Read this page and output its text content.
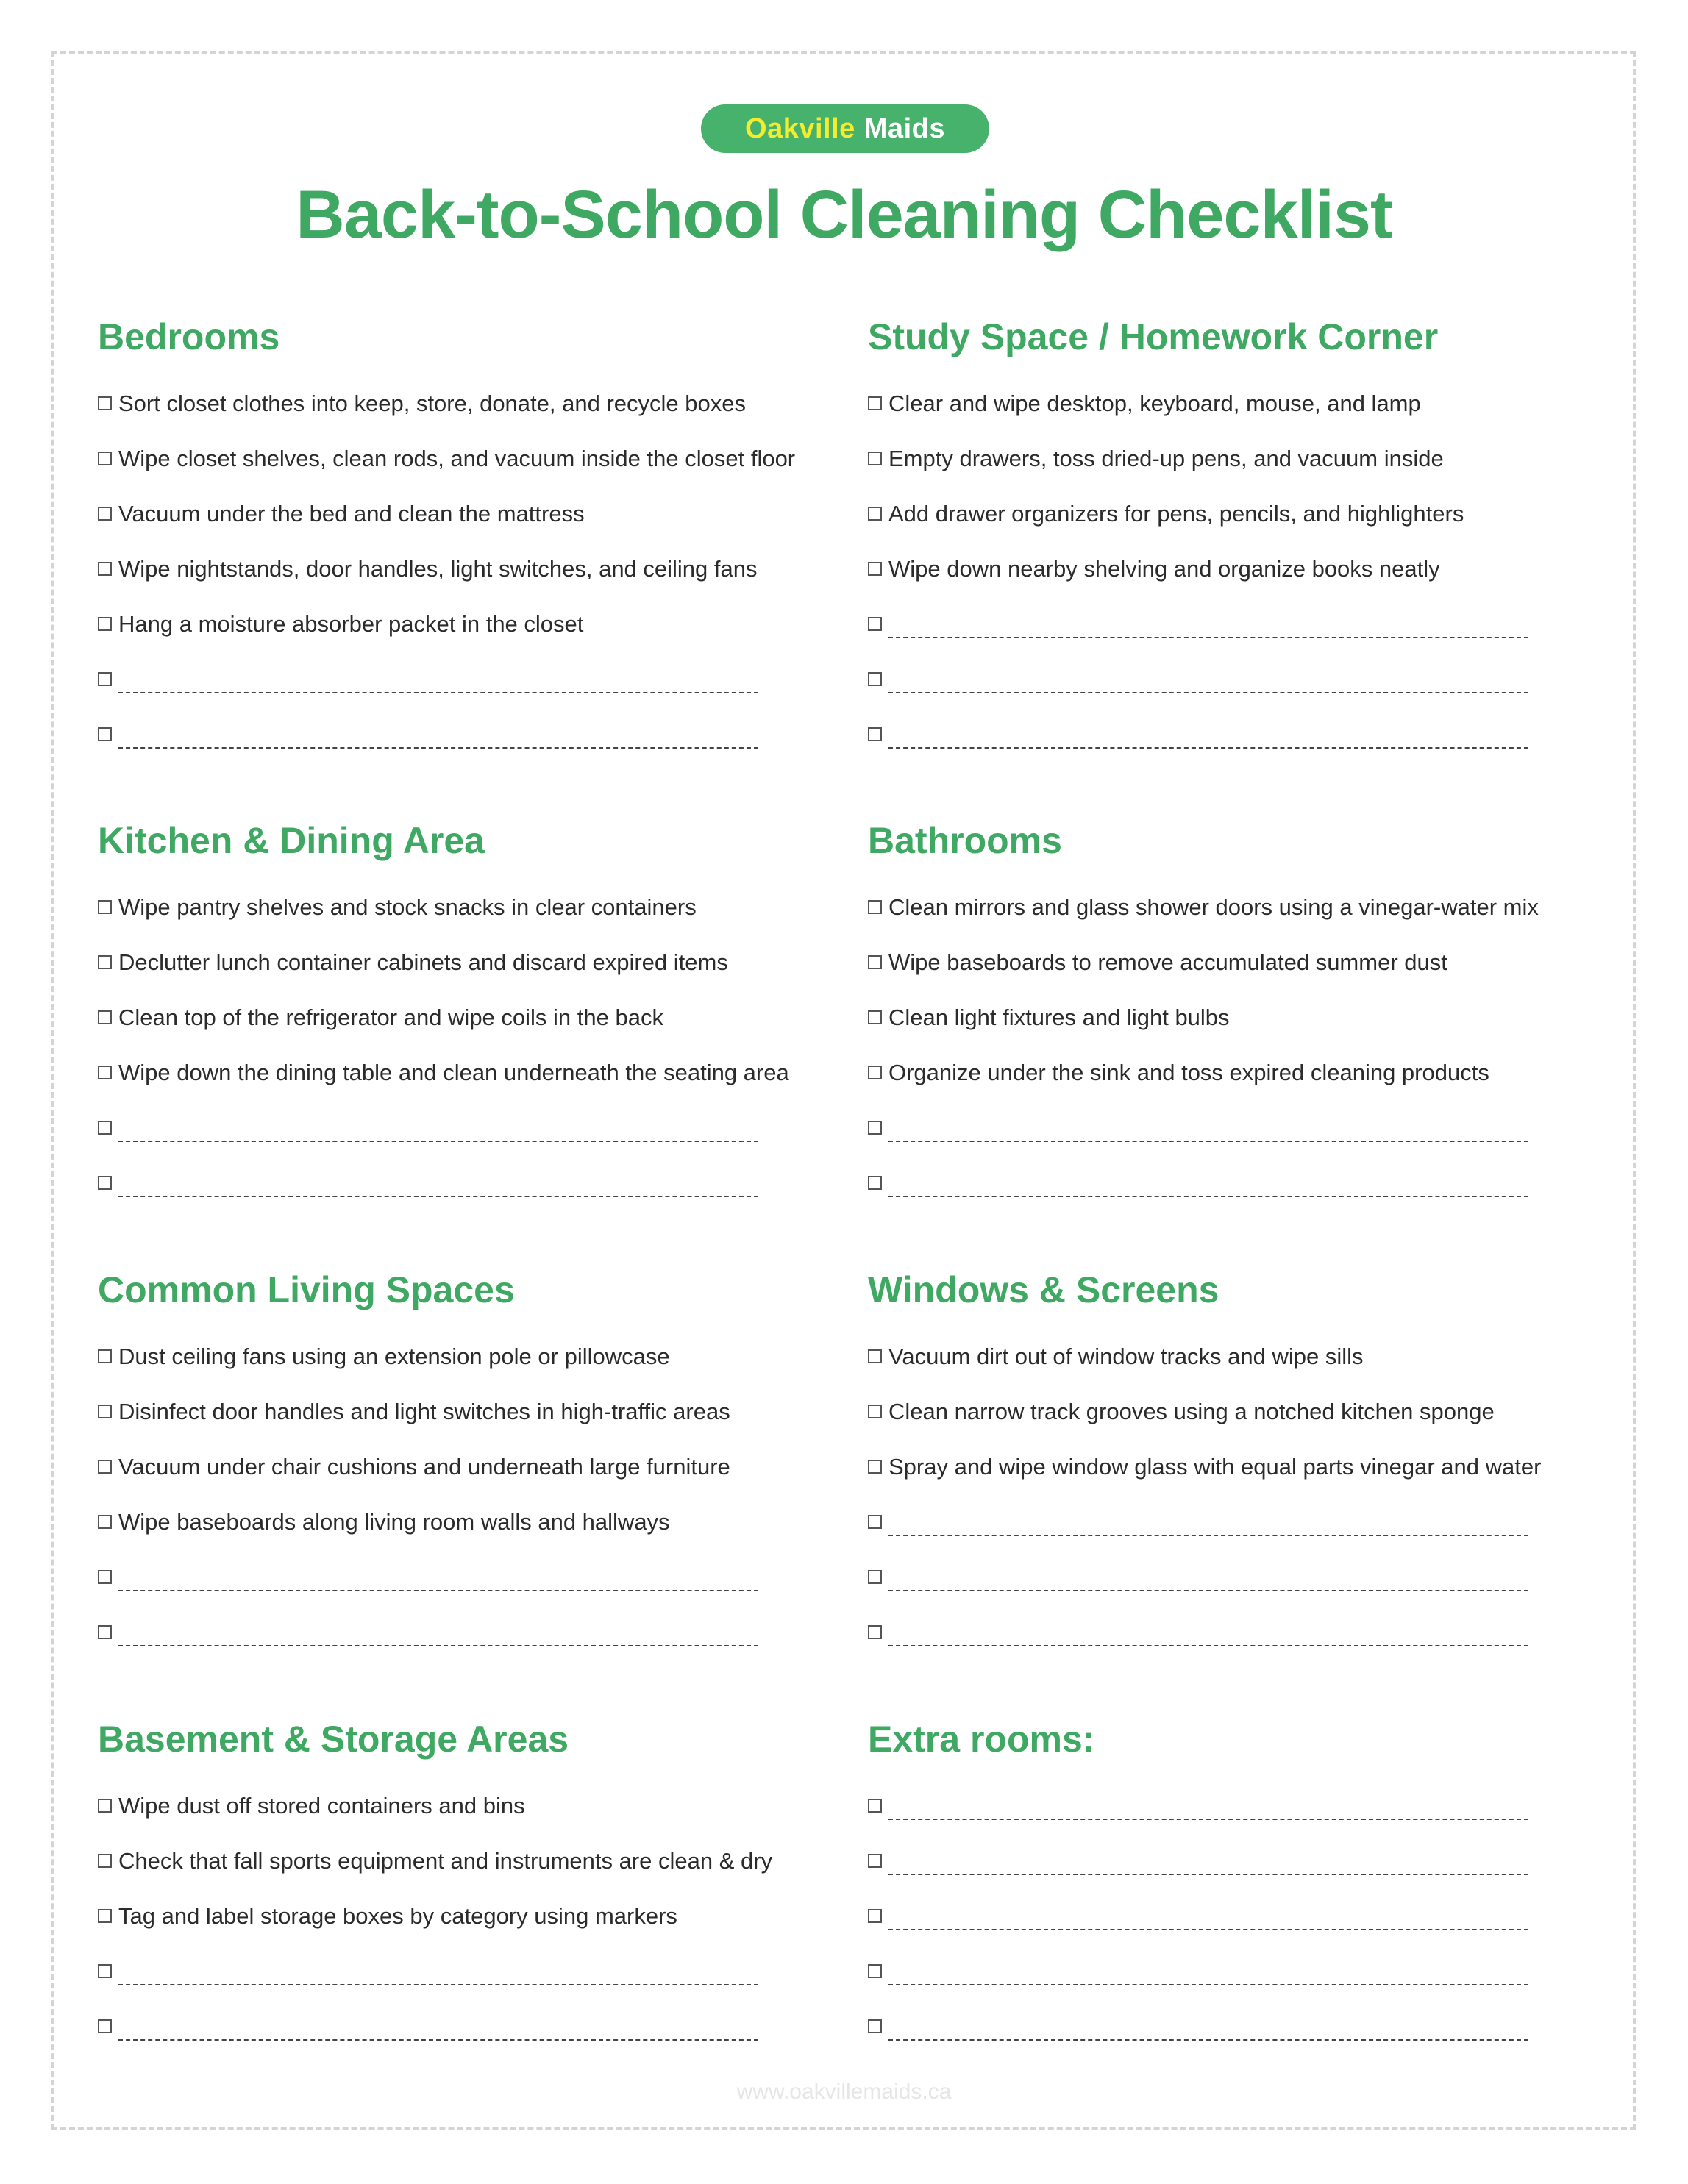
Oakville Maids
Back-to-School Cleaning Checklist
Bedrooms
Sort closet clothes into keep, store, donate, and recycle boxes
Wipe closet shelves, clean rods, and vacuum inside the closet floor
Vacuum under the bed and clean the mattress
Wipe nightstands, door handles, light switches, and ceiling fans
Hang a moisture absorber packet in the closet
Study Space / Homework Corner
Clear and wipe desktop, keyboard, mouse, and lamp
Empty drawers, toss dried-up pens, and vacuum inside
Add drawer organizers for pens, pencils, and highlighters
Wipe down nearby shelving and organize books neatly
Kitchen & Dining Area
Wipe pantry shelves and stock snacks in clear containers
Declutter lunch container cabinets and discard expired items
Clean top of the refrigerator and wipe coils in the back
Wipe down the dining table and clean underneath the seating area
Bathrooms
Clean mirrors and glass shower doors using a vinegar-water mix
Wipe baseboards to remove accumulated summer dust
Clean light fixtures and light bulbs
Organize under the sink and toss expired cleaning products
Common Living Spaces
Dust ceiling fans using an extension pole or pillowcase
Disinfect door handles and light switches in high-traffic areas
Vacuum under chair cushions and underneath large furniture
Wipe baseboards along living room walls and hallways
Windows & Screens
Vacuum dirt out of window tracks and wipe sills
Clean narrow track grooves using a notched kitchen sponge
Spray and wipe window glass with equal parts vinegar and water
Basement & Storage Areas
Wipe dust off stored containers and bins
Check that fall sports equipment and instruments are clean & dry
Tag and label storage boxes by category using markers
Extra rooms:
www.oakvillemaids.ca
